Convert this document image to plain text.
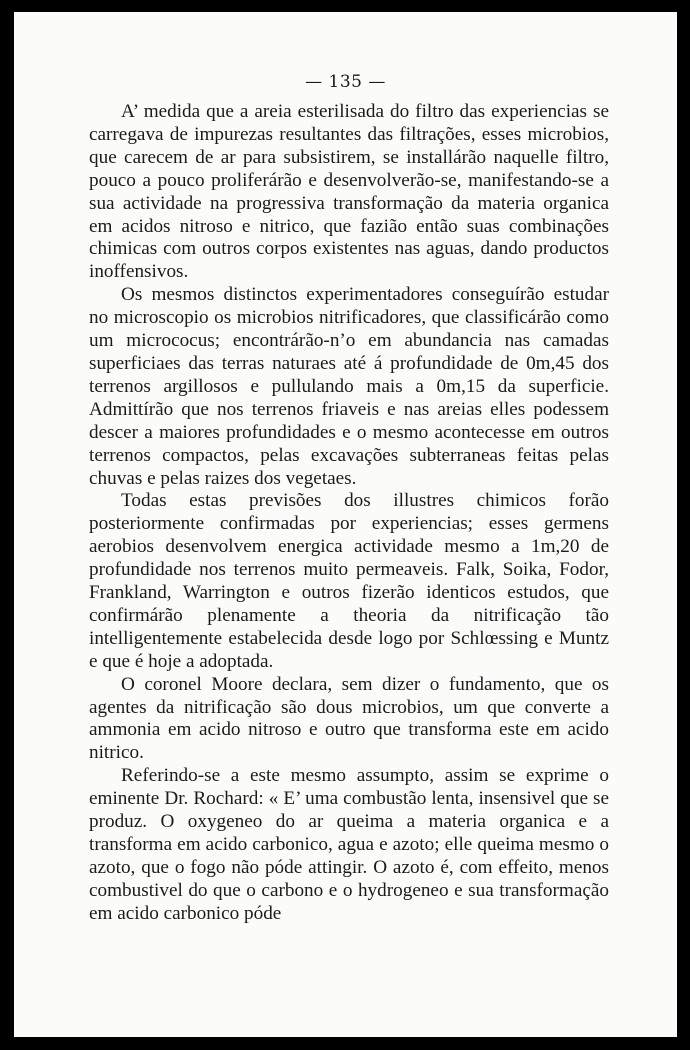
— 135 —

A’ medida que a areia esterilisada do filtro das experiencias se carregava de impurezas resultantes das filtrações, esses microbios, que carecem de ar para subsistirem, se installárão naquelle filtro, pouco a pouco proliferárão e desenvolverão-se, manifestando-se a sua actividade na progressiva transformação da materia organica em acidos nitroso e nitrico, que fazião então suas combinações chimicas com outros corpos existentes nas aguas, dando productos inoffensivos.

Os mesmos distinctos experimentadores conseguírão estudar no microscopio os microbios nitrificadores, que classificárão como um micrococus; encontrárão-n’o em abundancia nas camadas superficiaes das terras naturaes até á profundidade de 0m,45 dos terrenos argillosos e pullulando mais a 0m,15 da superficie. Admittírão que nos terrenos friaveis e nas areias elles podessem descer a maiores profundidades e o mesmo acontecesse em outros terrenos compactos, pelas excavações subterraneas feitas pelas chuvas e pelas raizes dos vegetaes.

Todas estas previsões dos illustres chimicos forão posteriormente confirmadas por experiencias; esses germens aerobios desenvolvem energica actividade mesmo a 1m,20 de profundidade nos terrenos muito permeaveis. Falk, Soika, Fodor, Frankland, Warrington e outros fizerão identicos estudos, que confirmárão plenamente a theoria da nitrificação tão intelligentemente estabelecida desde logo por Schlœssing e Muntz e que é hoje a adoptada.

O coronel Moore declara, sem dizer o fundamento, que os agentes da nitrificação são dous microbios, um que converte a ammonia em acido nitroso e outro que transforma este em acido nitrico.

Referindo-se a este mesmo assumpto, assim se exprime o eminente Dr. Rochard: « E’ uma combustão lenta, insensivel que se produz. O oxygeneo do ar queima a materia organica e a transforma em acido carbonico, agua e azoto; elle queima mesmo o azoto, que o fogo não póde attingir. O azoto é, com effeito, menos combustivel do que o carbono e o hydrogeneo e sua transformação em acido carbonico póde
